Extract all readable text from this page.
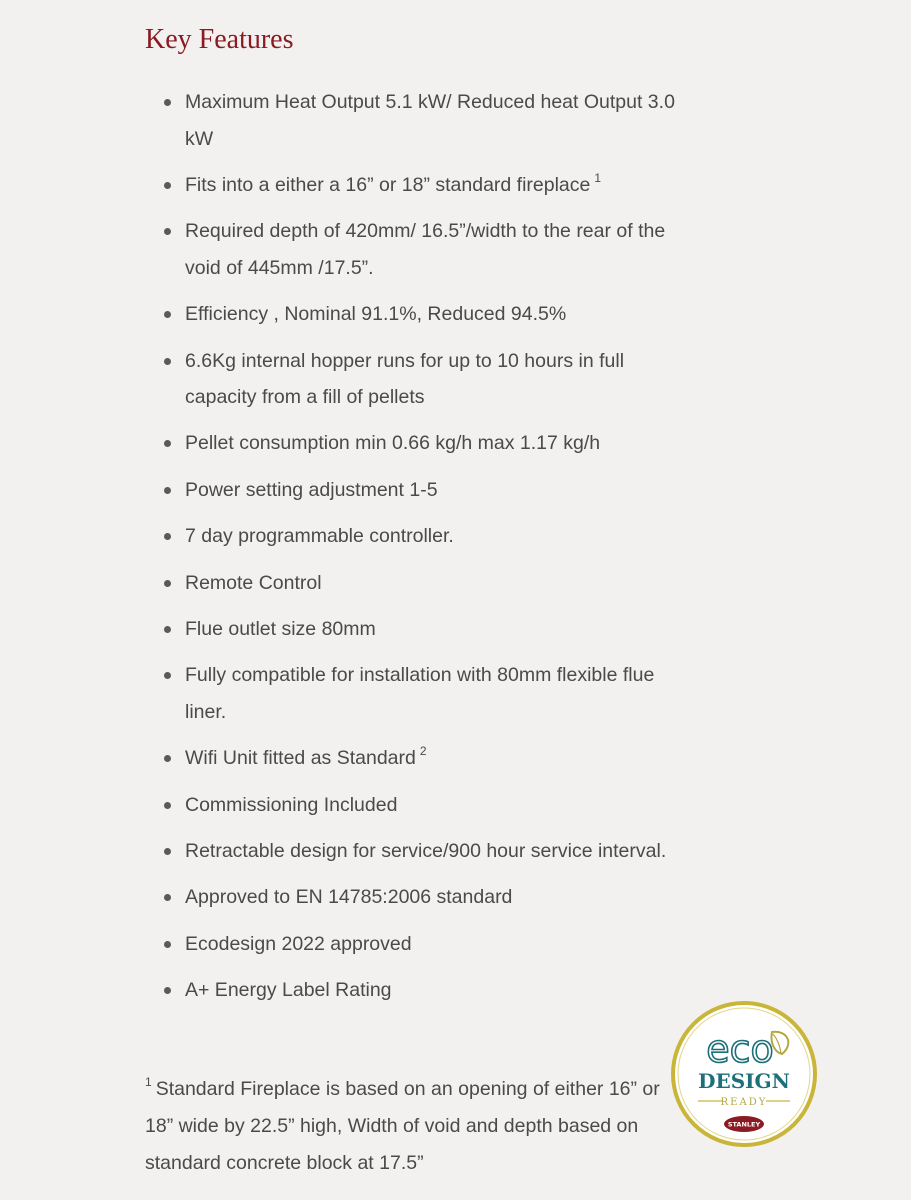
Key Features
Maximum Heat Output 5.1 kW/ Reduced heat Output 3.0 kW
Fits into a either a 16” or 18” standard fireplace $^1$
Required depth of 420mm/ 16.5”/width to the rear of the void of 445mm /17.5”.
Efficiency , Nominal 91.1%, Reduced 94.5%
6.6Kg internal hopper runs for up to 10 hours in full capacity from a fill of pellets
Pellet consumption min 0.66 kg/h max 1.17 kg/h
Power setting adjustment 1-5
7 day programmable controller.
Remote Control
Flue outlet size 80mm
Fully compatible for installation with 80mm flexible flue liner.
Wifi Unit fitted as Standard $^2$
Commissioning Included
Retractable design for service/900 hour service interval.
Approved to EN 14785:2006 standard
Ecodesign 2022 approved
A+ Energy Label Rating

$^1$ Standard Fireplace is based on an opening of either 16” or 18” wide by 22.5” high, Width of void and depth based on standard concrete block at 17.5”

eco
DESIGN
READY
STANLEY
